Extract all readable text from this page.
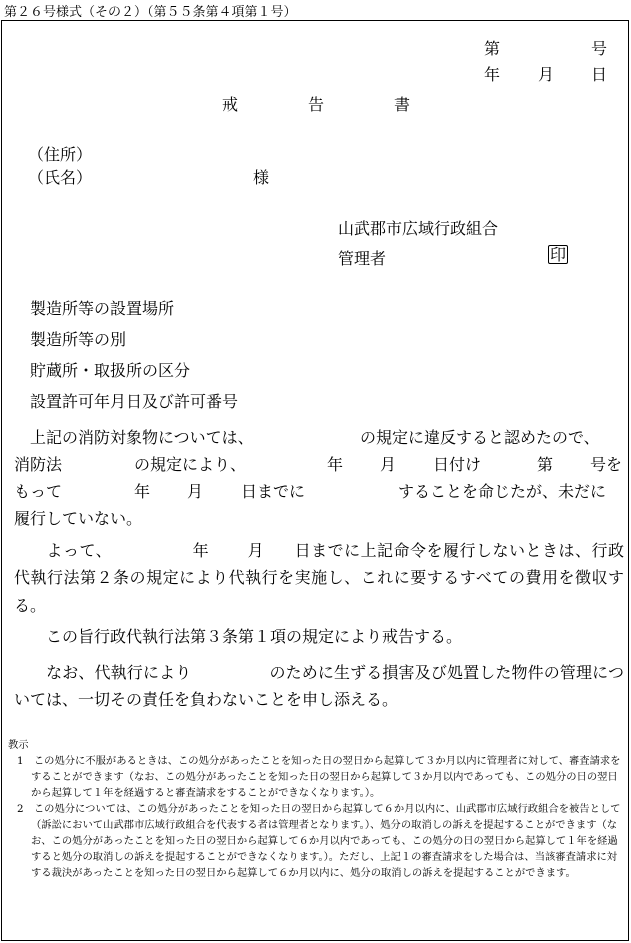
第２６号様式（その２）（第５５条第４項第１号）
第	号
年 月 日
戒	告	書
（住所）
（氏名）	様
山武郡市広域行政組合
管理者	印
製造所等の設置場所
製造所等の別
貯蔵所・取扱所の区分
設置許可年月日及び許可番号
上記の消防対象物については、	の規定に違反すると認めたので、
消防法	の規定により、	年 月 日付け	第 号を
もって	年 月 日までに	することを命じたが、未だに
履行していない。
よって、	年 月 日までに上記命令を履行しないときは、行政代執行法第２条の規定により代執行を実施し、これに要するすべての費用を徴収する。
この旨行政代執行法第３条第１項の規定により戒告する。
なお、代執行により	のために生ずる損害及び処置した物件の管理については、一切その責任を負わないことを申し添える。
教示
1　この処分に不服があるときは、この処分があったことを知った日の翌日から起算して３か月以内に管理者に対して、審査請求をすることができます（なお、この処分があったことを知った日の翌日から起算して３か月以内であっても、この処分の日の翌日から起算して１年を経過すると審査請求をすることができなくなります。）。
2　この処分については、この処分があったことを知った日の翌日から起算して６か月以内に、山武郡市広域行政組合を被告として（訴訟において山武郡市広域行政組合を代表する者は管理者となります。）、処分の取消しの訴えを提起することができます（なお、この処分があったことを知った日の翌日から起算して６か月以内であっても、この処分の日の翌日から起算して１年を経過すると処分の取消しの訴えを提起することができなくなります。）。ただし、上記１の審査請求をした場合は、当該審査請求に対する裁決があったことを知った日の翌日から起算して６か月以内に、処分の取消しの訴えを提起することができます。
